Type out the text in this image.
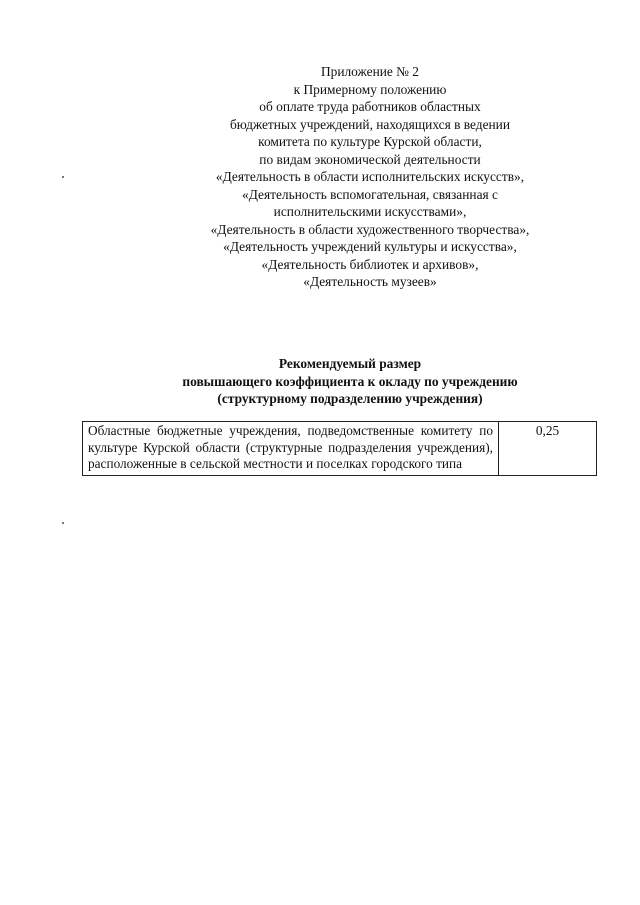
Приложение № 2
к Примерному положению
об оплате труда работников областных
бюджетных учреждений, находящихся в ведении
комитета по культуре Курской области,
по видам экономической деятельности
«Деятельность в области исполнительских искусств»,
«Деятельность вспомогательная, связанная с
исполнительскими искусствами»,
«Деятельность в области художественного творчества»,
«Деятельность учреждений культуры и искусства»,
«Деятельность библиотек и архивов»,
«Деятельность музеев»
Рекомендуемый размер
повышающего коэффициента к окладу по учреждению
(структурному подразделению учреждения)
Областные бюджетные учреждения, подведомственные комитету по культуре Курской области (структурные подразделения учреждения), расположенные в сельской местности и поселках городского типа	0,25
